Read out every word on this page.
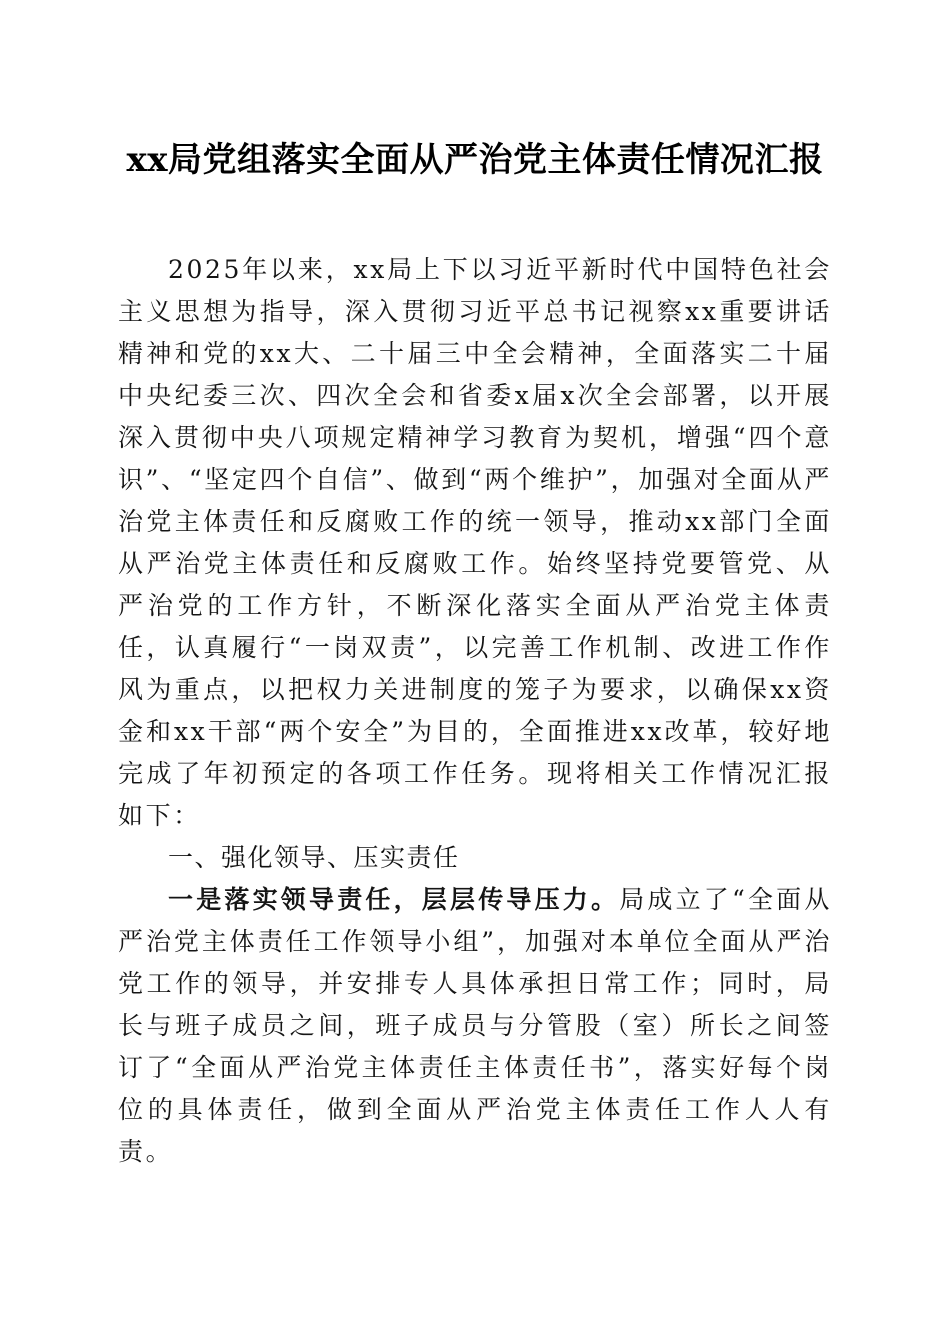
xx局党组落实全面从严治党主体责任情况汇报

2025年以来，xx局上下以习近平新时代中国特色社会主义思想为指导，深入贯彻习近平总书记视察xx重要讲话精神和党的xx大、二十届三中全会精神，全面落实二十届中央纪委三次、四次全会和省委x届x次全会部署，以开展深入贯彻中央八项规定精神学习教育为契机，增强“四个意识”、“坚定四个自信”、做到“两个维护”，加强对全面从严治党主体责任和反腐败工作的统一领导，推动xx部门全面从严治党主体责任和反腐败工作。始终坚持党要管党、从严治党的工作方针，不断深化落实全面从严治党主体责任，认真履行“一岗双责”，以完善工作机制、改进工作作风为重点，以把权力关进制度的笼子为要求，以确保xx资金和xx干部“两个安全”为目的，全面推进xx改革，较好地完成了年初预定的各项工作任务。现将相关工作情况汇报如下：

一、强化领导、压实责任

一是落实领导责任，层层传导压力。局成立了“全面从严治党主体责任工作领导小组”，加强对本单位全面从严治党工作的领导，并安排专人具体承担日常工作；同时，局长与班子成员之间，班子成员与分管股（室）所长之间签订了“全面从严治党主体责任主体责任书”，落实好每个岗位的具体责任，做到全面从严治党主体责任工作人人有责。
